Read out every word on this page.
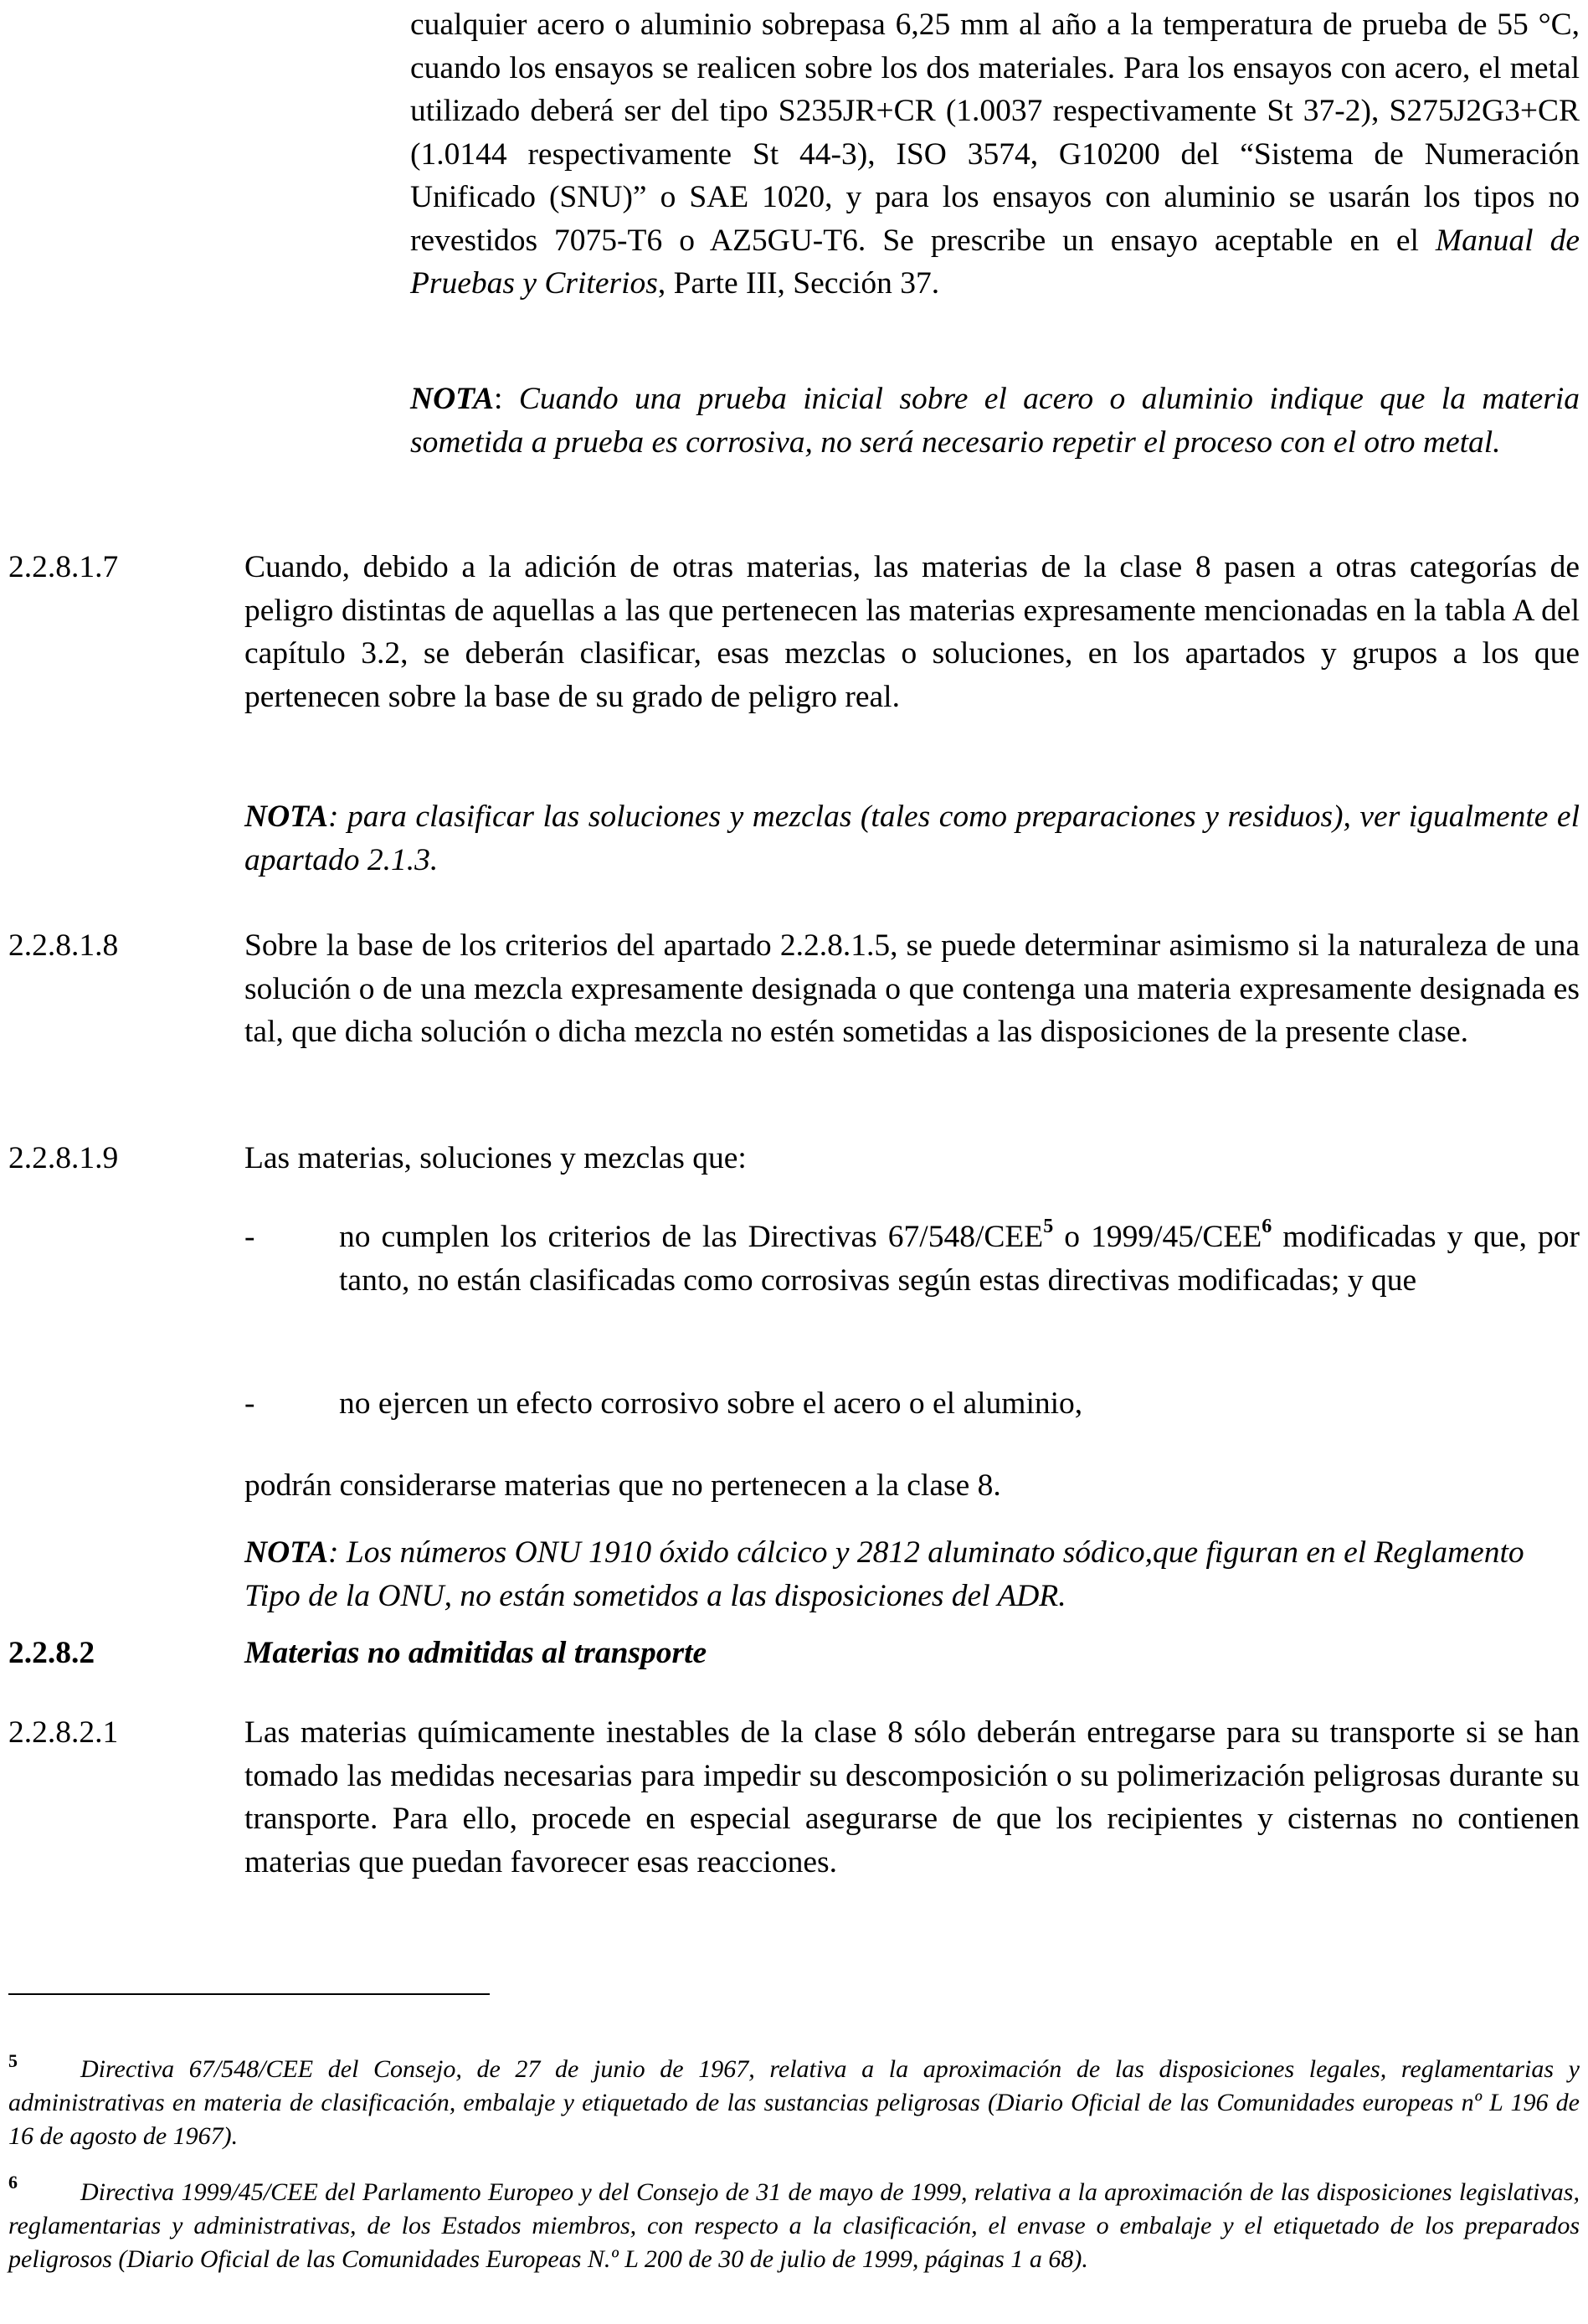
cualquier acero o aluminio sobrepasa 6,25 mm al año a la temperatura de prueba de 55 °C, cuando los ensayos se realicen sobre los dos materiales. Para los ensayos con acero, el metal utilizado deberá ser del tipo S235JR+CR (1.0037 respectivamente St 37-2), S275J2G3+CR (1.0144 respectivamente St 44-3), ISO 3574, G10200 del “Sistema de Numeración Unificado (SNU)” o SAE 1020, y para los ensayos con aluminio se usarán los tipos no revestidos 7075-T6 o AZ5GU-T6. Se prescribe un ensayo aceptable en el Manual de Pruebas y Criterios, Parte III, Sección 37.
NOTA: Cuando una prueba inicial sobre el acero o aluminio indique que la materia sometida a prueba es corrosiva, no será necesario repetir el proceso con el otro metal.
2.2.8.1.7	Cuando, debido a la adición de otras materias, las materias de la clase 8 pasen a otras categorías de peligro distintas de aquellas a las que pertenecen las materias expresamente mencionadas en la tabla A del capítulo 3.2, se deberán clasificar, esas mezclas o soluciones, en los apartados y grupos a los que pertenecen sobre la base de su grado de peligro real.
NOTA: para clasificar las soluciones y mezclas (tales como preparaciones y residuos), ver igualmente el apartado 2.1.3.
2.2.8.1.8	Sobre la base de los criterios del apartado 2.2.8.1.5, se puede determinar asimismo si la naturaleza de una solución o de una mezcla expresamente designada o que contenga una materia expresamente designada es tal, que dicha solución o dicha mezcla no estén sometidas a las disposiciones de la presente clase.
2.2.8.1.9	Las materias, soluciones y mezclas que:
-	no cumplen los criterios de las Directivas 67/548/CEE$^5$ o 1999/45/CEE$^6$ modificadas y que, por tanto, no están clasificadas como corrosivas según estas directivas modificadas; y que
-	no ejercen un efecto corrosivo sobre el acero o el aluminio,
podrán considerarse materias que no pertenecen a la clase 8.
NOTA: Los números ONU 1910 óxido cálcico y 2812 aluminato sódico,que figuran en el Reglamento Tipo de la ONU, no están sometidos a las disposiciones del ADR.
2.2.8.2	Materias no admitidas al transporte
2.2.8.2.1	Las materias químicamente inestables de la clase 8 sólo deberán entregarse para su transporte si se han tomado las medidas necesarias para impedir su descomposición o su polimerización peligrosas durante su transporte. Para ello, procede en especial asegurarse de que los recipientes y cisternas no contienen materias que puedan favorecer esas reacciones.
5	Directiva 67/548/CEE del Consejo, de 27 de junio de 1967, relativa a la aproximación de las disposiciones legales, reglamentarias y administrativas en materia de clasificación, embalaje y etiquetado de las sustancias peligrosas (Diario Oficial de las Comunidades europeas nº L 196 de 16 de agosto de 1967).
6	Directiva 1999/45/CEE del Parlamento Europeo y del Consejo de 31 de mayo de 1999, relativa a la aproximación de las disposiciones legislativas, reglamentarias y administrativas, de los Estados miembros, con respecto a la clasificación, el envase o embalaje y el etiquetado de los preparados peligrosos (Diario Oficial de las Comunidades Europeas N.º L 200 de 30 de julio de 1999, páginas 1 a 68).
